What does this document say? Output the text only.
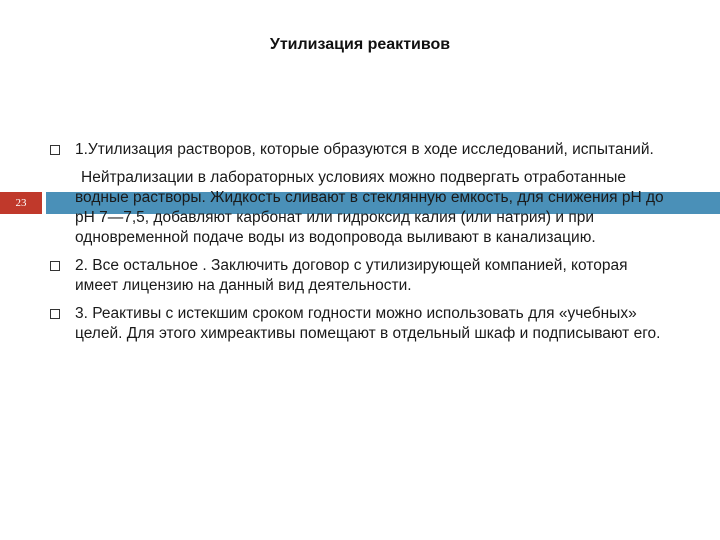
Утилизация реактивов
23
1.Утилизация растворов, которые образуются в ходе исследований, испытаний.
Нейтрализации в лабораторных условиях можно подвергать отработанные водные растворы. Жидкость сливают в стеклянную емкость, для снижения рН до рН 7—7,5, добавляют карбонат или гидроксид калия (или натрия) и при одновременной подаче воды из водопровода выливают в канализацию.
2. Все остальное . Заключить договор с утилизирующей компанией, которая имеет лицензию на данный вид деятельности.
3. Реактивы с истекшим сроком годности можно использовать для «учебных» целей. Для этого химреактивы помещают в отдельный шкаф и подписывают его.
